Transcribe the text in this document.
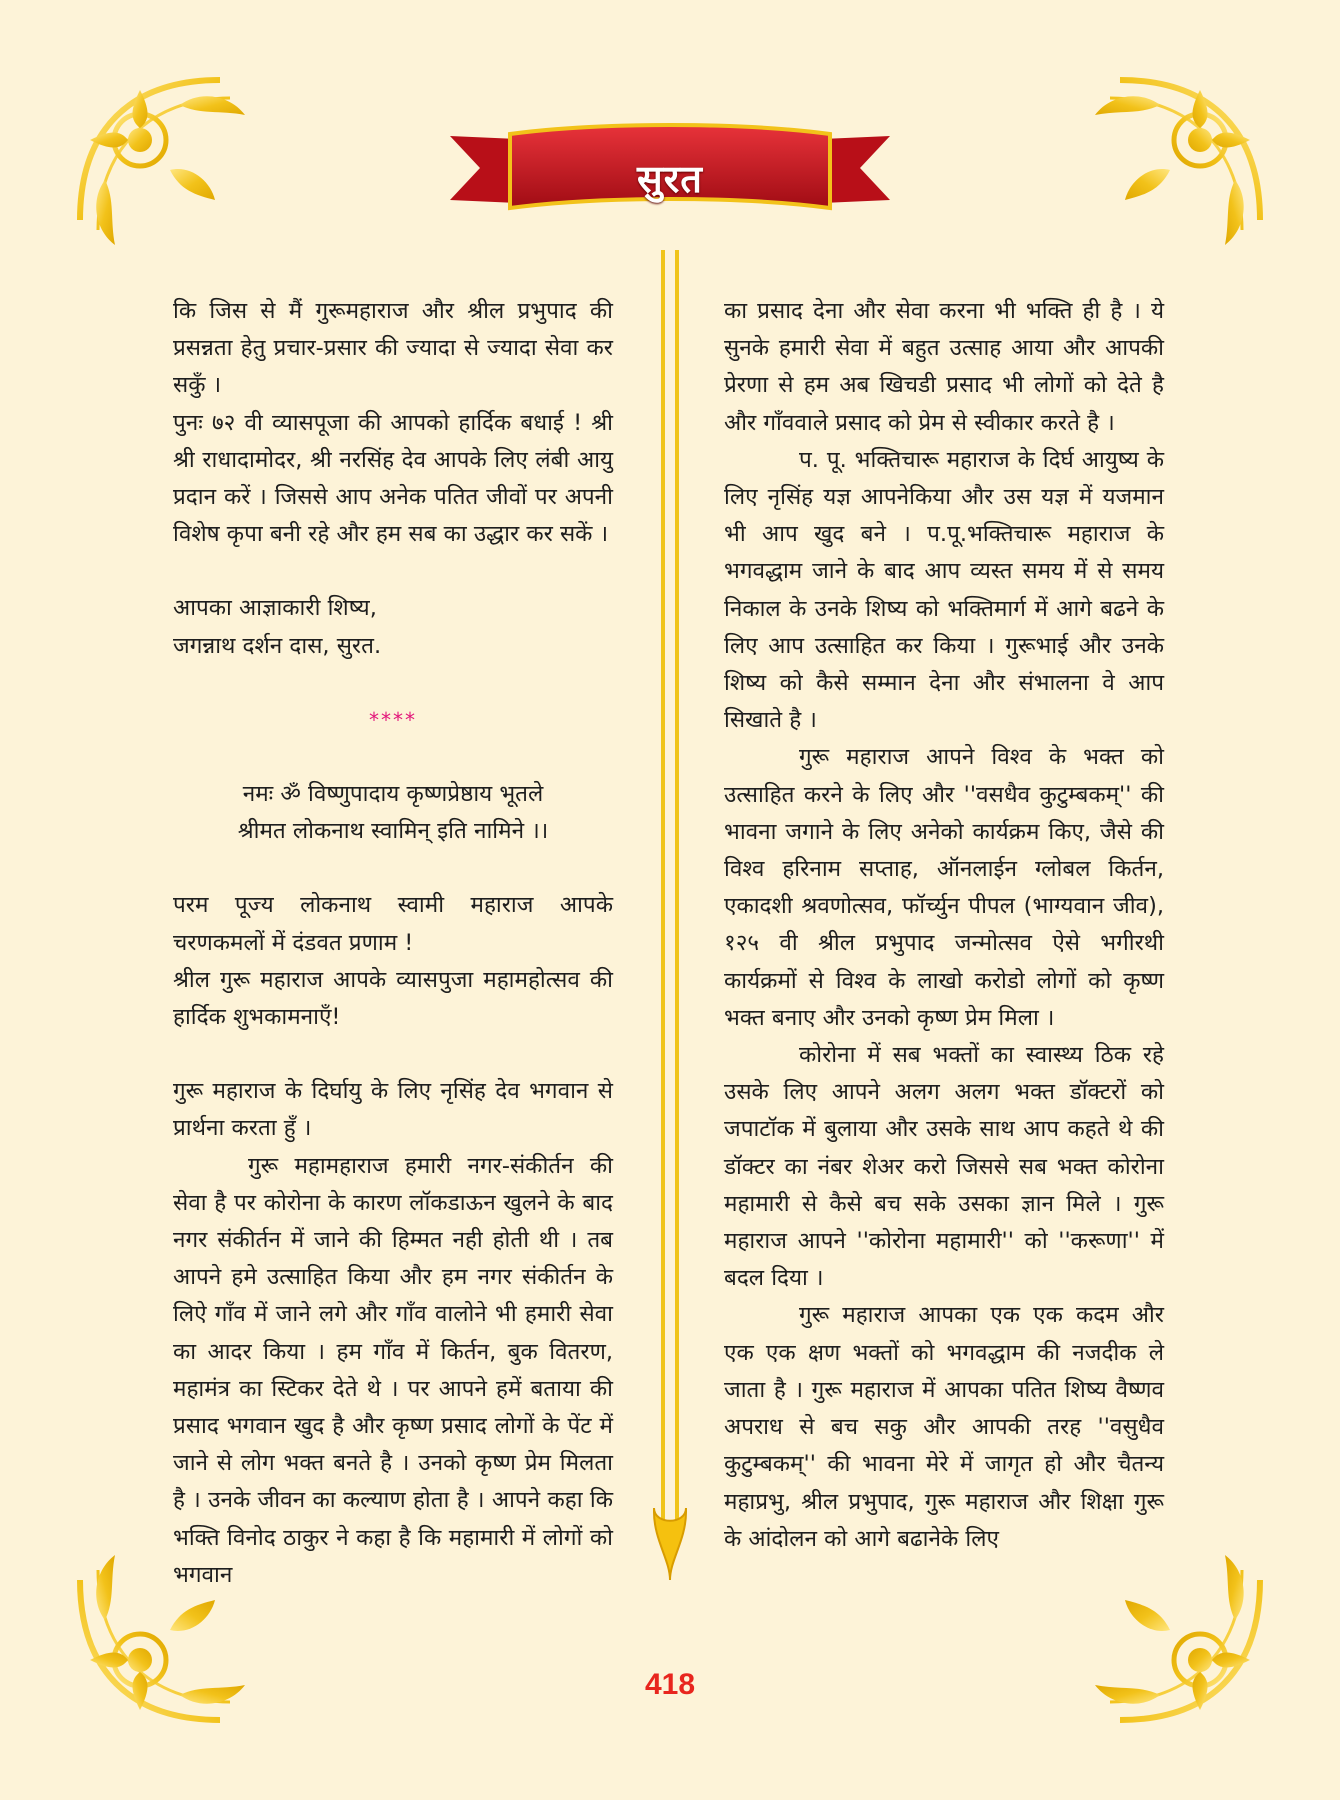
सुरत

कि जिस से मैं गुरूमहाराज और श्रील प्रभुपाद की प्रसन्नता हेतु प्रचार-प्रसार की ज्यादा से ज्यादा सेवा कर सकुँ ।

पुनः ७२ वी व्यासपूजा की आपको हार्दिक बधाई ! श्री श्री राधादामोदर, श्री नरसिंह देव आपके लिए लंबी आयु प्रदान करें । जिससे आप अनेक पतित जीवों पर अपनी विशेष कृपा बनी रहे और हम सब का उद्धार कर सकें ।

आपका आज्ञाकारी शिष्य,

जगन्नाथ दर्शन दास, सुरत.

****

नमः ॐ विष्णुपादाय कृष्णप्रेष्ठाय भूतले

श्रीमत लोकनाथ स्वामिन् इति नामिने ।।

परम पूज्य लोकनाथ स्वामी महाराज आपके चरणकमलों में दंडवत प्रणाम !

श्रील गुरू महाराज आपके व्यासपुजा महामहोत्सव की हार्दिक शुभकामनाएँ!

गुरू महाराज के दिर्घायु के लिए नृसिंह देव भगवान से प्रार्थना करता हुँ ।

गुरू महामहाराज हमारी नगर-संकीर्तन की सेवा है पर कोरोना के कारण लॉकडाऊन खुलने के बाद नगर संकीर्तन में जाने की हिम्मत नही होती थी । तब आपने हमे उत्साहित किया और हम नगर संकीर्तन के लिऐ गाँव में जाने लगे और गाँव वालोने भी हमारी सेवा का आदर किया । हम गाँव में किर्तन, बुक वितरण, महामंत्र का स्टिकर देते थे । पर आपने हमें बताया की प्रसाद भगवान खुद है और कृष्ण प्रसाद लोगों के पेंट में जाने से लोग भक्त बनते है । उनको कृष्ण प्रेम मिलता है । उनके जीवन का कल्याण होता है । आपने कहा कि भक्ति विनोद ठाकुर ने कहा है कि महामारी में लोगों को भगवान

का प्रसाद देना और सेवा करना भी भक्ति ही है । ये सुनके हमारी सेवा में बहुत उत्साह आया और आपकी प्रेरणा से हम अब खिचडी प्रसाद भी लोगों को देते है और गाँववाले प्रसाद को प्रेम से स्वीकार करते है ।

प. पू. भक्तिचारू महाराज के दिर्घ आयुष्य के लिए नृसिंह यज्ञ आपनेकिया और उस यज्ञ में यजमान भी आप खुद बने । प.पू.भक्तिचारू महाराज के भगवद्धाम जाने के बाद आप व्यस्त समय में से समय निकाल के उनके शिष्य को भक्तिमार्ग में आगे बढने के लिए आप उत्साहित कर किया । गुरूभाई और उनके शिष्य को कैसे सम्मान देना और संभालना वे आप सिखाते है ।

गुरू महाराज आपने विश्व के भक्त को उत्साहित करने के लिए और ''वसधैव कुटुम्बकम्'' की भावना जगाने के लिए अनेको कार्यक्रम किए, जैसे की विश्व हरिनाम सप्ताह, ऑनलाईन ग्लोबल किर्तन, एकादशी श्रवणोत्सव, फॉर्च्युन पीपल (भाग्यवान जीव), १२५ वी श्रील प्रभुपाद जन्मोत्सव ऐसे भगीरथी कार्यक्रमों से विश्व के लाखो करोडो लोगों को कृष्ण भक्त बनाए और उनको कृष्ण प्रेम मिला ।

कोरोना में सब भक्तों का स्वास्थ्य ठिक रहे उसके लिए आपने अलग अलग भक्त डॉक्टरों को जपाटॉक में बुलाया और उसके साथ आप कहते थे की डॉक्टर का नंबर शेअर करो जिससे सब भक्त कोरोना महामारी से कैसे बच सके उसका ज्ञान मिले । गुरू महाराज आपने ''कोरोना महामारी'' को ''करूणा'' में बदल दिया ।

गुरू महाराज आपका एक एक कदम और एक एक क्षण भक्तों को भगवद्धाम की नजदीक ले जाता है । गुरू महाराज में आपका पतित शिष्य वैष्णव अपराध से बच सकु और आपकी तरह ''वसुधैव कुटुम्बकम्'' की भावना मेरे में जागृत हो और चैतन्य महाप्रभु, श्रील प्रभुपाद, गुरू महाराज और शिक्षा गुरू के आंदोलन को आगे बढानेके लिए

418
